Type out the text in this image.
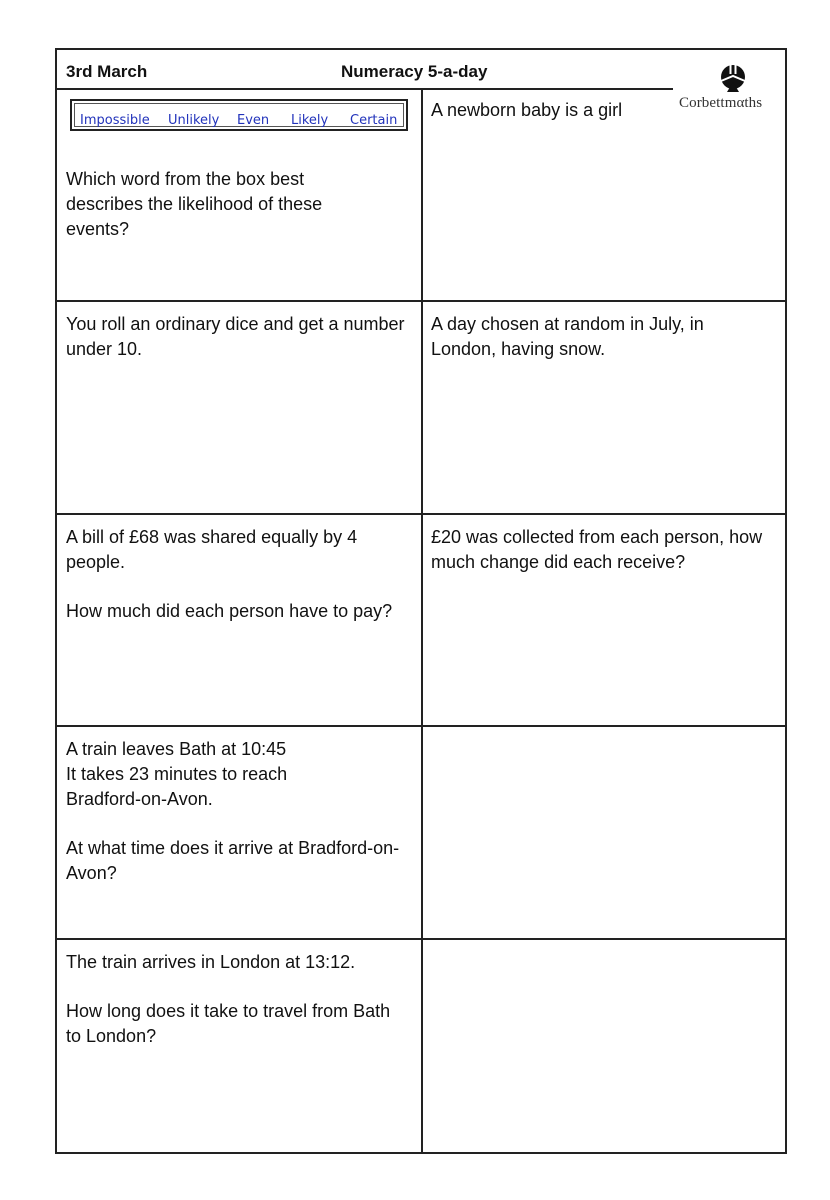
3rd March	Numeracy 5-a-day
Corbettmαths
Impossible Unlikely Even Likely Certain

Which word from the box best describes the likelihood of these events?

A newborn baby is a girl

You roll an ordinary dice and get a number under 10.

A day chosen at random in July, in London, having snow.

A bill of £68 was shared equally by 4 people.

How much did each person have to pay?

£20 was collected from each person, how much change did each receive?

A train leaves Bath at 10:45

It takes 23 minutes to reach Bradford-on-Avon.

At what time does it arrive at Bradford-on-Avon?

The train arrives in London at 13:12.

How long does it take to travel from Bath to London?
